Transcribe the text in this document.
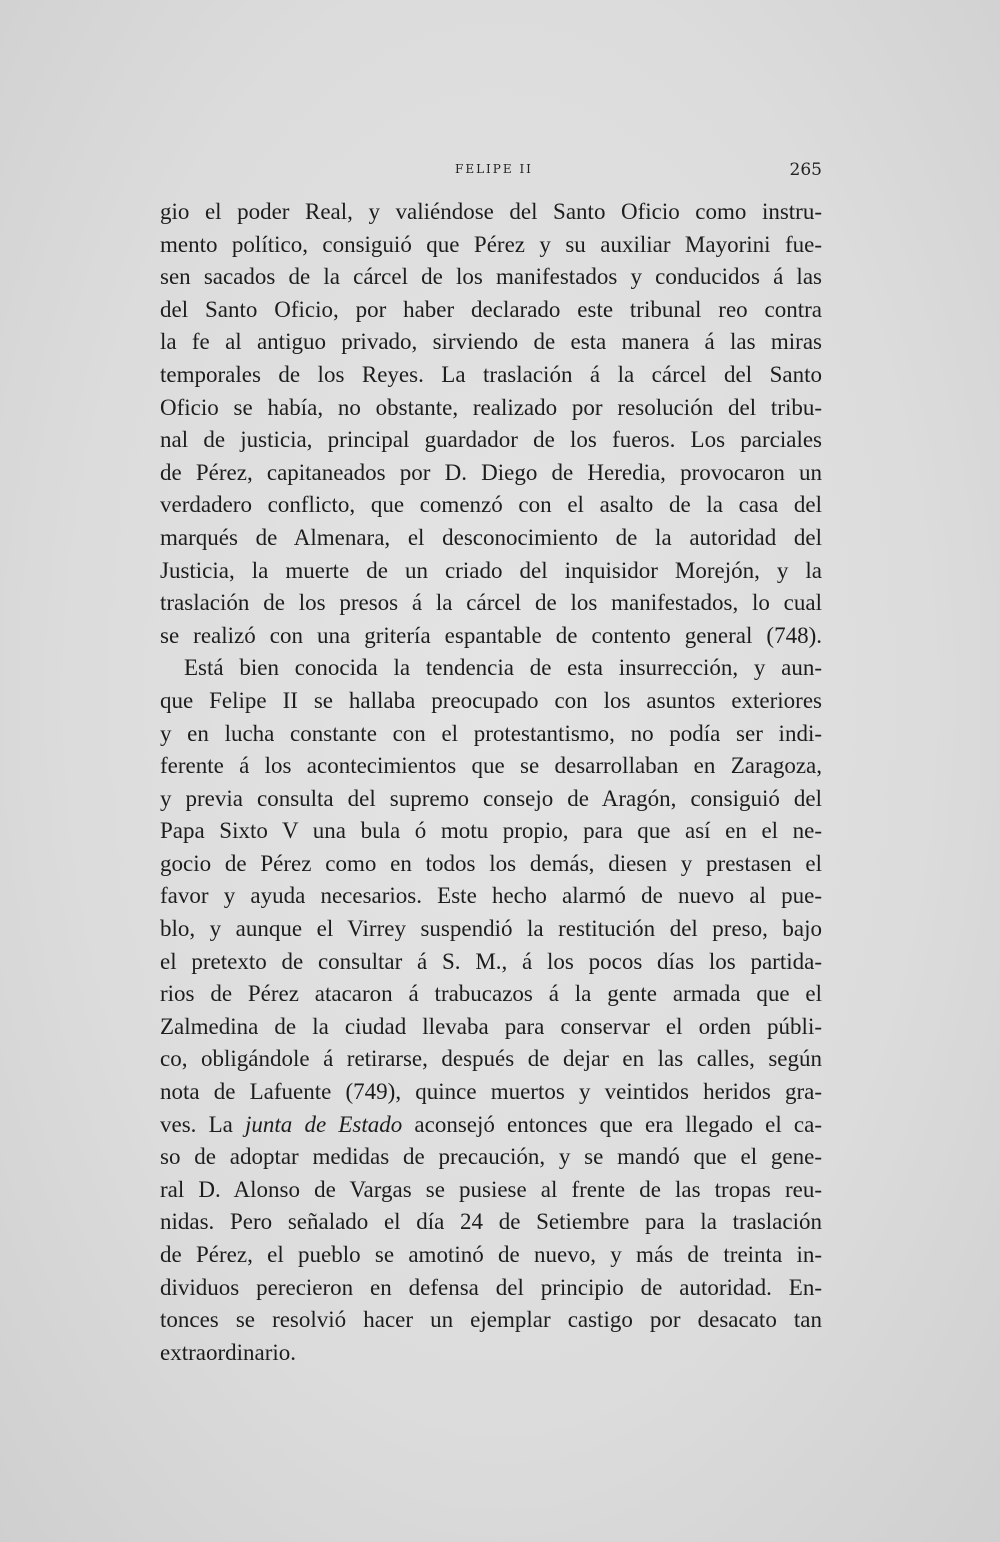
FELIPE II	265
gio el poder Real, y valiéndose del Santo Oficio como instru-
mento político, consiguió que Pérez y su auxiliar Mayorini fue-
sen sacados de la cárcel de los manifestados y conducidos á las
del Santo Oficio, por haber declarado este tribunal reo contra
la fe al antiguo privado, sirviendo de esta manera á las miras
temporales de los Reyes. La traslación á la cárcel del Santo
Oficio se había, no obstante, realizado por resolución del tribu-
nal de justicia, principal guardador de los fueros. Los parciales
de Pérez, capitaneados por D. Diego de Heredia, provocaron un
verdadero conflicto, que comenzó con el asalto de la casa del
marqués de Almenara, el desconocimiento de la autoridad del
Justicia, la muerte de un criado del inquisidor Morejón, y la
traslación de los presos á la cárcel de los manifestados, lo cual
se realizó con una gritería espantable de contento general (748).
Está bien conocida la tendencia de esta insurrección, y aun-
que Felipe II se hallaba preocupado con los asuntos exteriores
y en lucha constante con el protestantismo, no podía ser indi-
ferente á los acontecimientos que se desarrollaban en Zaragoza,
y previa consulta del supremo consejo de Aragón, consiguió del
Papa Sixto V una bula ó motu propio, para que así en el ne-
gocio de Pérez como en todos los demás, diesen y prestasen el
favor y ayuda necesarios. Este hecho alarmó de nuevo al pue-
blo, y aunque el Virrey suspendió la restitución del preso, bajo
el pretexto de consultar á S. M., á los pocos días los partida-
rios de Pérez atacaron á trabucazos á la gente armada que el
Zalmedina de la ciudad llevaba para conservar el orden públi-
co, obligándole á retirarse, después de dejar en las calles, según
nota de Lafuente (749), quince muertos y veintidos heridos gra-
ves. La junta de Estado aconsejó entonces que era llegado el ca-
so de adoptar medidas de precaución, y se mandó que el gene-
ral D. Alonso de Vargas se pusiese al frente de las tropas reu-
nidas. Pero señalado el día 24 de Setiembre para la traslación
de Pérez, el pueblo se amotinó de nuevo, y más de treinta in-
dividuos perecieron en defensa del principio de autoridad. En-
tonces se resolvió hacer un ejemplar castigo por desacato tan
extraordinario.
